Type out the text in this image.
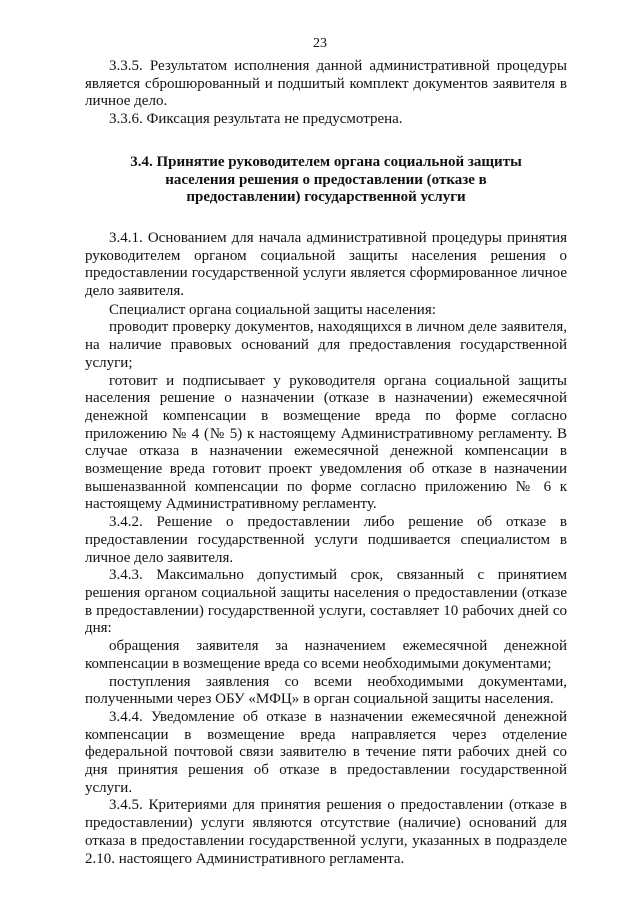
23

3.3.5. Результатом исполнения данной административной процедуры является сброшюрованный и подшитый комплект документов заявителя в личное дело.

3.3.6. Фиксация результата не предусмотрена.

3.4. Принятие руководителем органа социальной защиты населения решения о предоставлении (отказе в предоставлении) государственной услуги

3.4.1. Основанием для начала административной процедуры принятия руководителем органом социальной защиты населения решения о предоставлении государственной услуги является сформированное личное дело заявителя.

Специалист органа социальной защиты населения:

проводит проверку документов, находящихся в личном деле заявителя, на наличие правовых оснований для предоставления государственной услуги;

готовит и подписывает у руководителя органа социальной защиты населения решение о назначении (отказе в назначении) ежемесячной денежной компенсации в возмещение вреда по форме согласно приложению № 4 (№ 5) к настоящему Административному регламенту. В случае отказа в назначении ежемесячной денежной компенсации в возмещение вреда готовит проект уведомления об отказе в назначении вышеназванной компенсации по форме согласно приложению № 6 к настоящему Административному регламенту.

3.4.2. Решение о предоставлении либо решение об отказе в предоставлении государственной услуги подшивается специалистом в личное дело заявителя.

3.4.3. Максимально допустимый срок, связанный с принятием решения органом социальной защиты населения о предоставлении (отказе в предоставлении) государственной услуги, составляет 10 рабочих дней со дня:

обращения заявителя за назначением ежемесячной денежной компенсации в возмещение вреда со всеми необходимыми документами;

поступления заявления со всеми необходимыми документами, полученными через ОБУ «МФЦ» в орган социальной защиты населения.

3.4.4. Уведомление об отказе в назначении ежемесячной денежной компенсации в возмещение вреда направляется через отделение федеральной почтовой связи заявителю в течение пяти рабочих дней со дня принятия решения об отказе в предоставлении государственной услуги.

3.4.5. Критериями для принятия решения о предоставлении (отказе в предоставлении) услуги являются отсутствие (наличие) оснований для отказа в предоставлении государственной услуги, указанных в подразделе 2.10. настоящего Административного регламента.
